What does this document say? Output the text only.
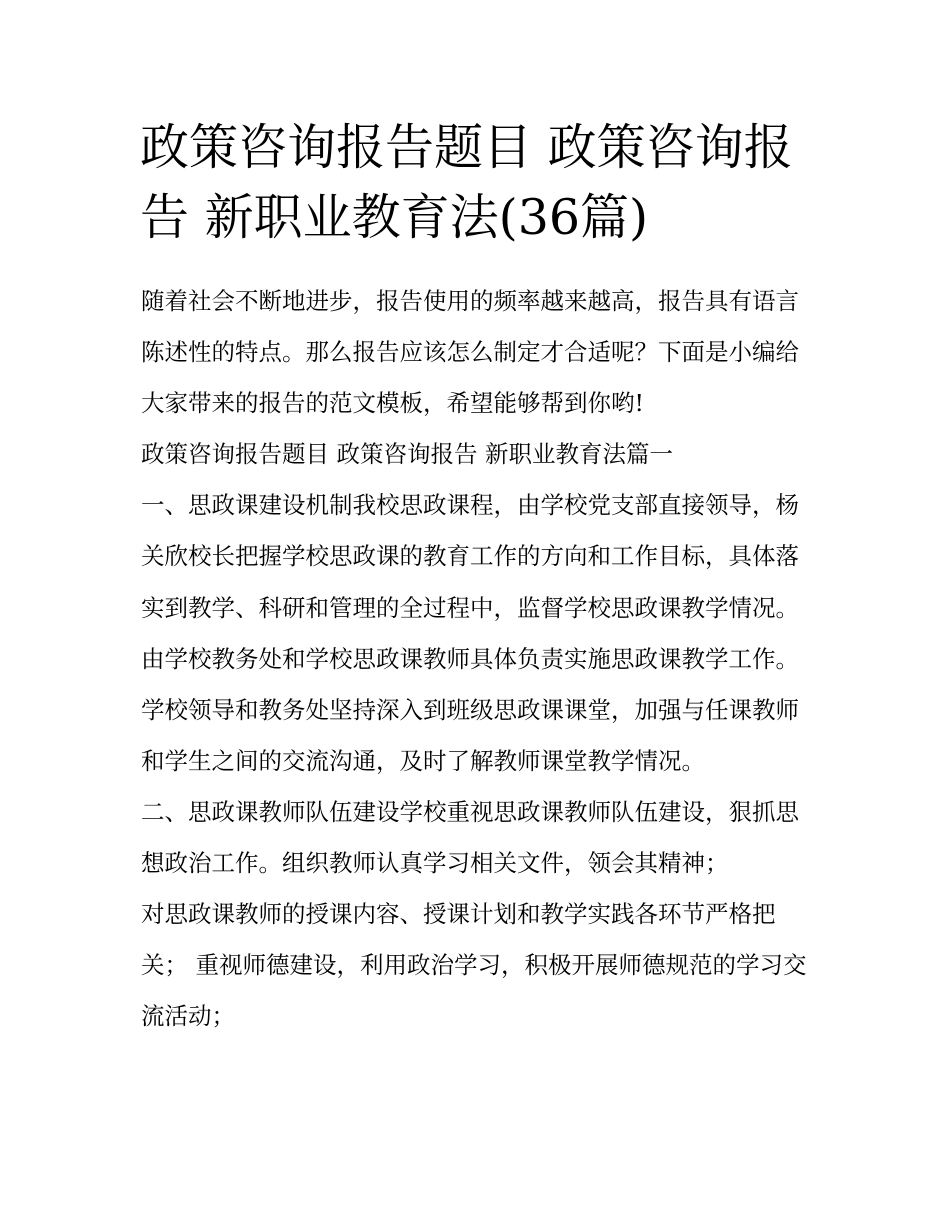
政策咨询报告题目 政策咨询报告 新职业教育法(36篇)

随着社会不断地进步，报告使用的频率越来越高，报告具有语言陈述性的特点。那么报告应该怎么制定才合适呢？下面是小编给大家带来的报告的范文模板，希望能够帮到你哟!

政策咨询报告题目 政策咨询报告 新职业教育法篇一

一、思政课建设机制我校思政课程，由学校党支部直接领导，杨关欣校长把握学校思政课的教育工作的方向和工作目标，具体落实到教学、科研和管理的全过程中，监督学校思政课教学情况。由学校教务处和学校思政课教师具体负责实施思政课教学工作。学校领导和教务处坚持深入到班级思政课课堂，加强与任课教师和学生之间的交流沟通，及时了解教师课堂教学情况。

二、思政课教师队伍建设学校重视思政课教师队伍建设，狠抓思想政治工作。组织教师认真学习相关文件，领会其精神；

对思政课教师的授课内容、授课计划和教学实践各环节严格把关； 重视师德建设，利用政治学习，积极开展师德规范的学习交流活动；
